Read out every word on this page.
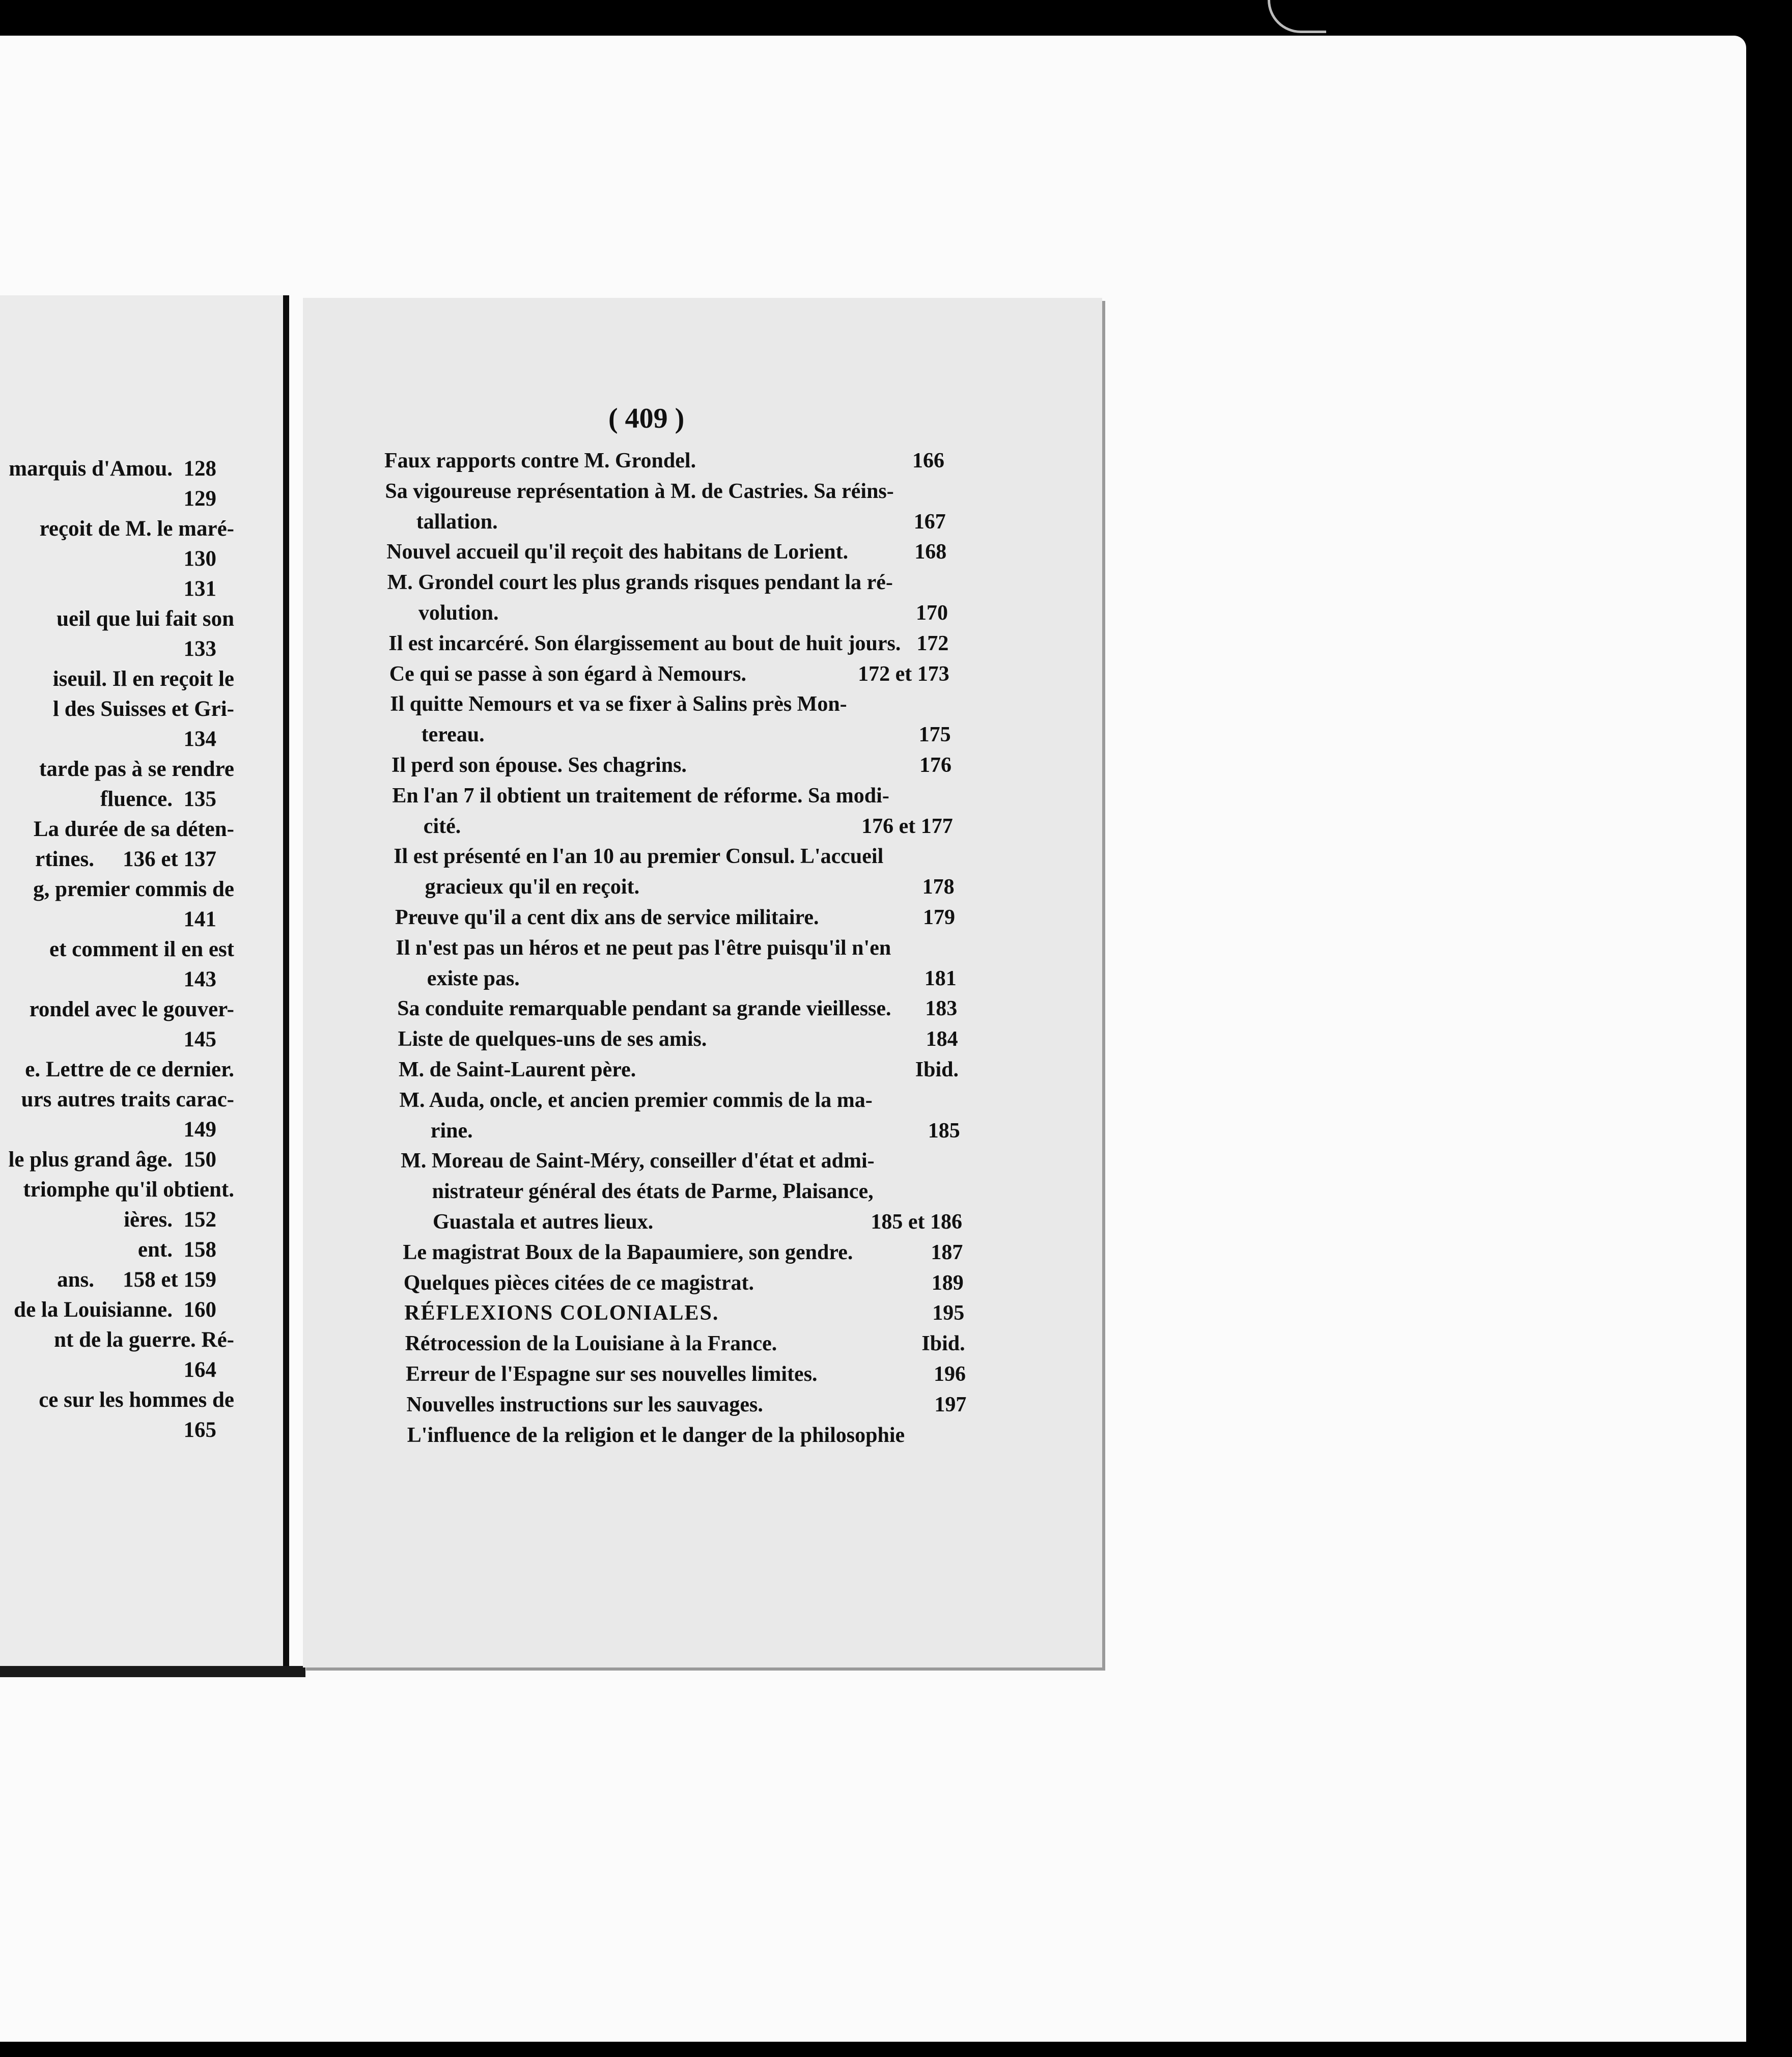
marquis d'Amou. 128
129
reçoit de M. le maré-
130
131
ueil que lui fait son
133
iseuil. Il en reçoit le
l des Suisses et Gri-
134
tarde pas à se rendre
fluence. 135
La durée de sa déten-
rtines. 136 et 137
g, premier commis de
141
et comment il en est
143
rondel avec le gouver-
145
e. Lettre de ce dernier.
urs autres traits carac-
149
le plus grand âge. 150
triomphe qu'il obtient.
ières. 152
ent. 158
ans. 158 et 159
de la Louisianne. 160
nt de la guerre. Ré-
164
ce sur les hommes de
165
( 409 )
Faux rapports contre M. Grondel.	166
Sa vigoureuse représentation à M. de Castries. Sa réins-
tallation.	167
Nouvel accueil qu'il reçoit des habitans de Lorient.	168
M. Grondel court les plus grands risques pendant la ré-
volution.	170
Il est incarcéré. Son élargissement au bout de huit jours. 172
Ce qui se passe à son égard à Nemours.	172 et 173
Il quitte Nemours et va se fixer à Salins près Mon-
tereau.	175
Il perd son épouse. Ses chagrins.	176
En l'an 7 il obtient un traitement de réforme. Sa modi-
cité.	176 et 177
Il est présenté en l'an 10 au premier Consul. L'accueil
gracieux qu'il en reçoit.	178
Preuve qu'il a cent dix ans de service militaire.	179
Il n'est pas un héros et ne peut pas l'être puisqu'il n'en
existe pas.	181
Sa conduite remarquable pendant sa grande vieillesse. 183
Liste de quelques-uns de ses amis.	184
M. de Saint-Laurent père.	Ibid.
M. Auda, oncle, et ancien premier commis de la ma-
rine.	185
M. Moreau de Saint-Méry, conseiller d'état et admi-
nistrateur général des états de Parme, Plaisance,
Guastala et autres lieux.	185 et 186
Le magistrat Boux de la Bapaumiere, son gendre.	187
Quelques pièces citées de ce magistrat.	189
RÉFLEXIONS COLONIALES.	195
Rétrocession de la Louisiane à la France.	Ibid.
Erreur de l'Espagne sur ses nouvelles limites.	196
Nouvelles instructions sur les sauvages.	197
L'influence de la religion et le danger de la philosophie
